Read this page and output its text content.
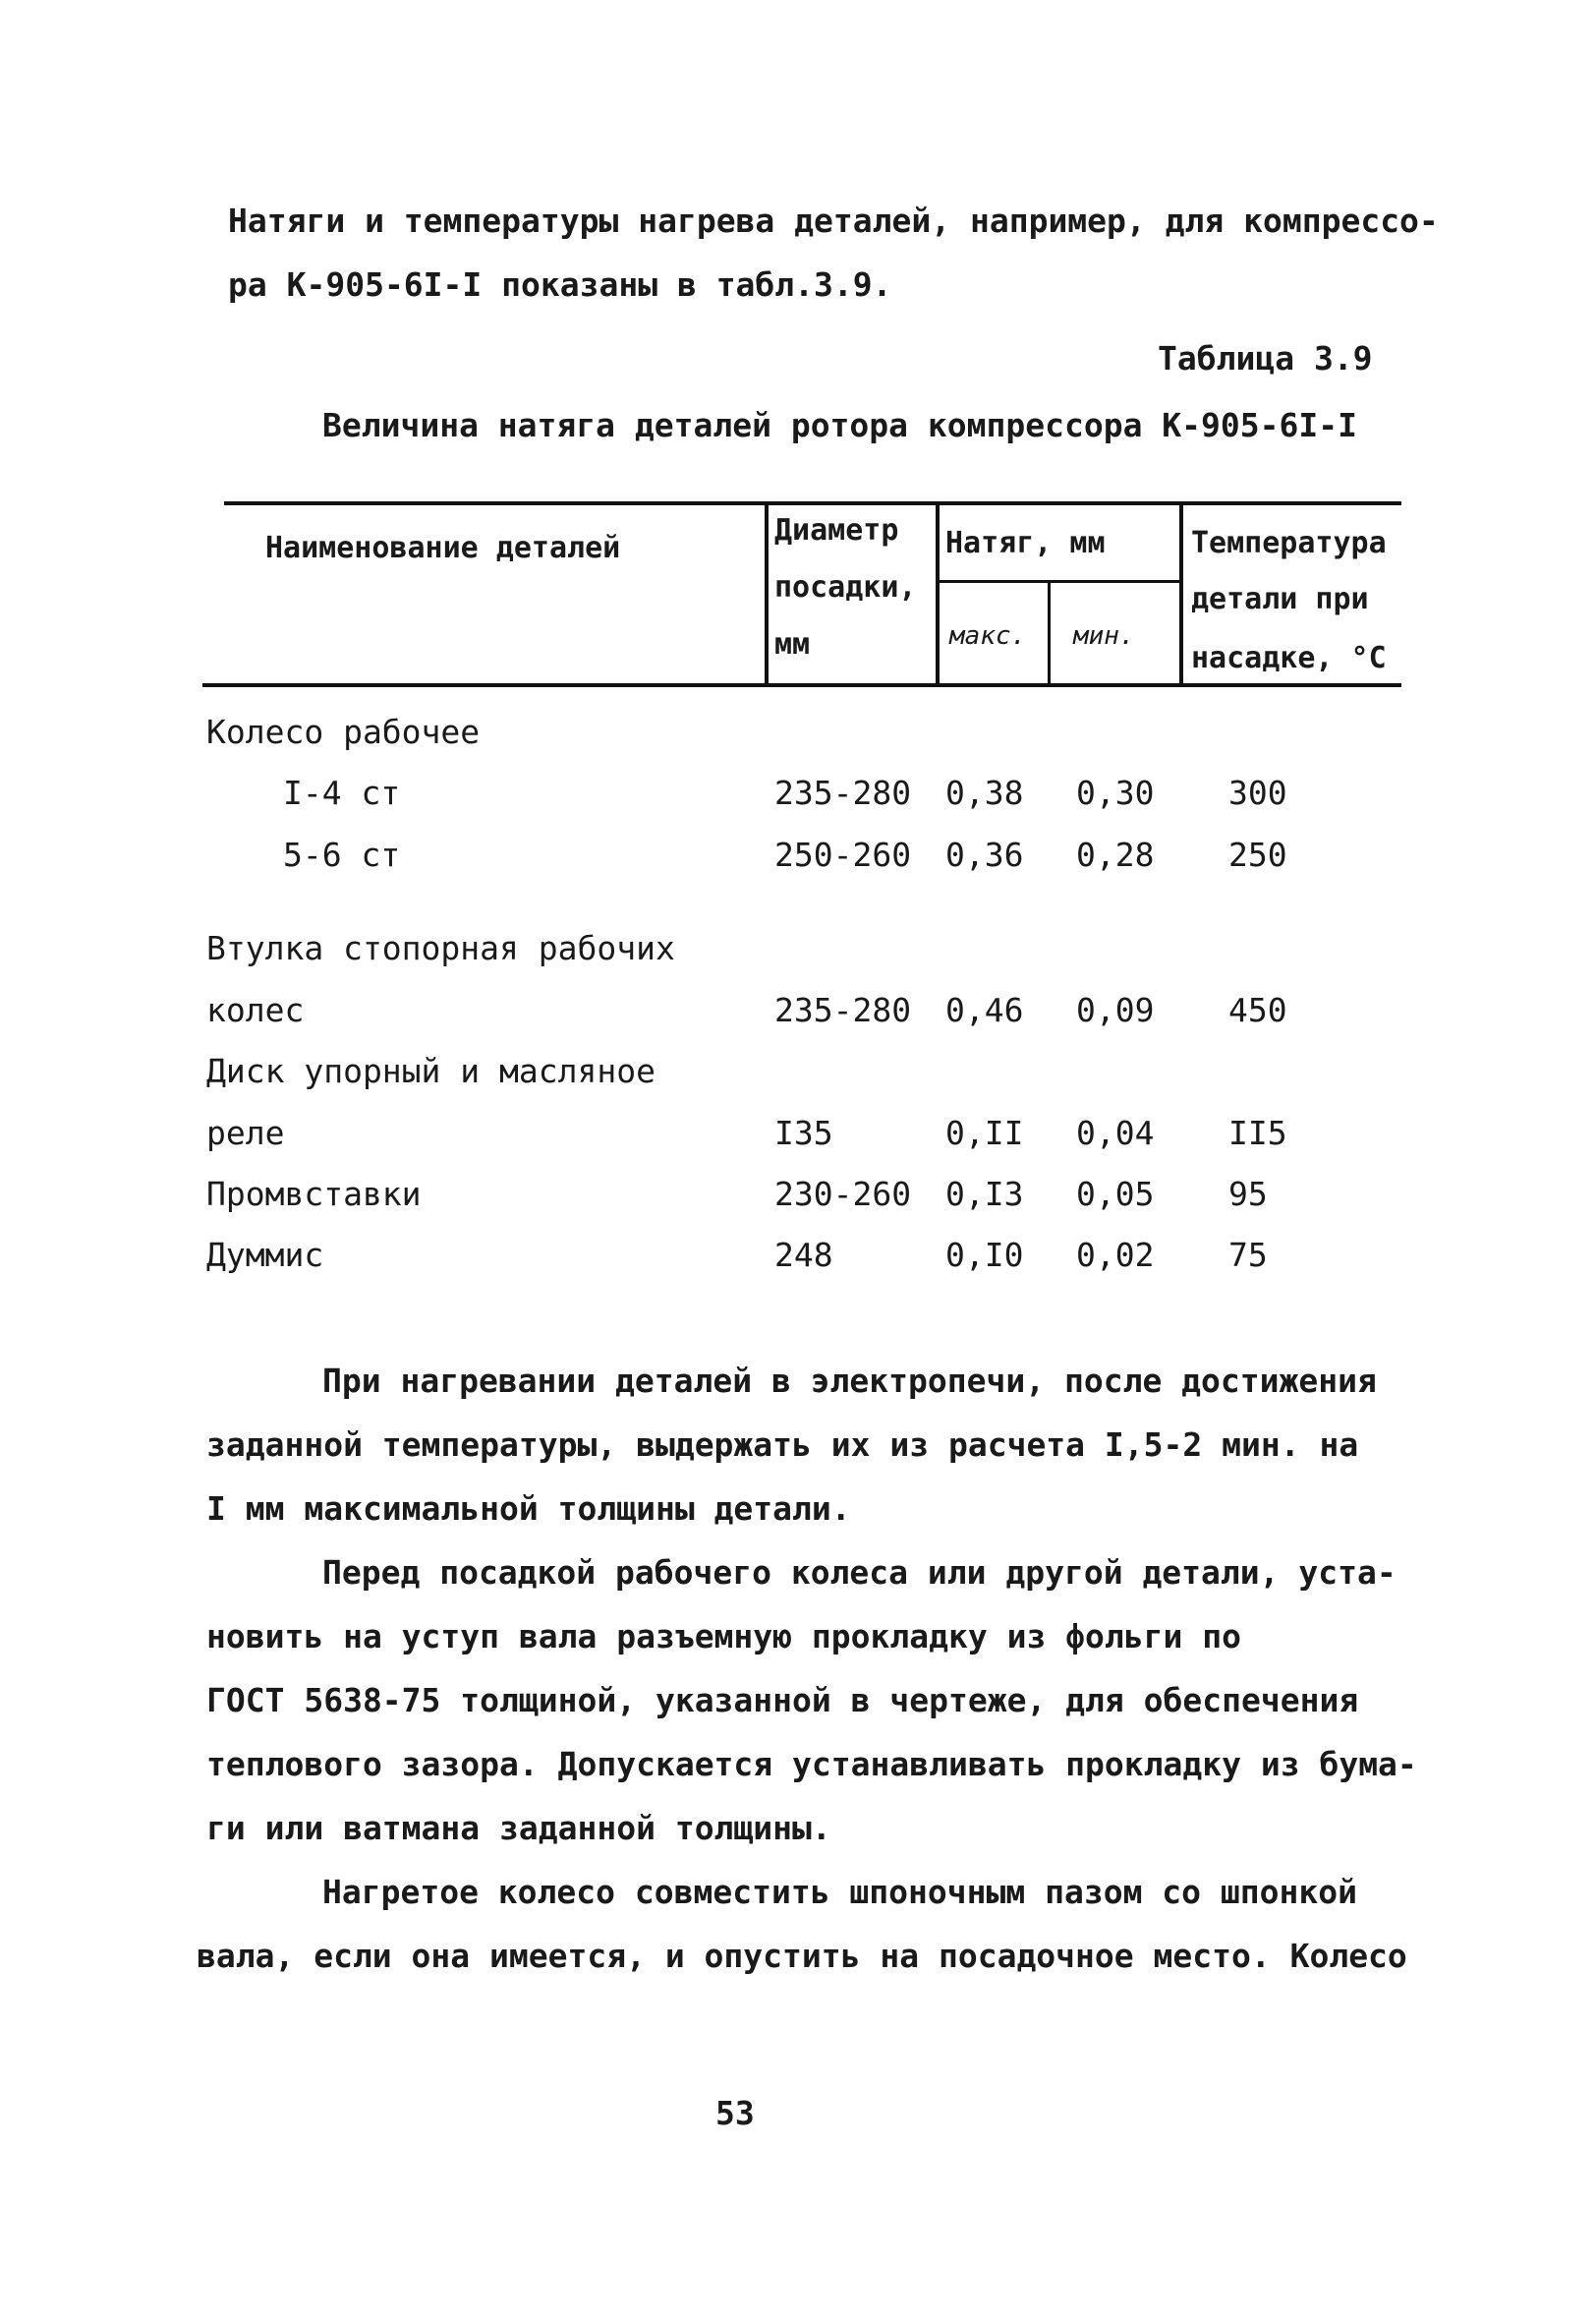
Натяги и температуры нагрева деталей, например, для компрессо-
ра К-905-6I-I показаны в табл.3.9.
Таблица 3.9
Величина натяга деталей ротора компрессора К-905-6I-I
Наименование деталей
Диаметр
посадки,
мм
Натяг, мм
макс. мин.
Температура
детали при
насадке, °С
Колесо рабочее
I-4 ст	235-280 0,38 0,30 300
5-6 ст	250-260 0,36 0,28 250
Втулка стопорная рабочих
колес	235-280 0,46 0,09 450
Диск упорный и масляное
реле	I35	0,II 0,04 II5
Промвставки	230-260 0,I3 0,05 95
Думмис	248	0,I0 0,02 75
При нагревании деталей в электропечи, после достижения
заданной температуры, выдержать их из расчета I,5-2 мин. на
I мм максимальной толщины детали.
Перед посадкой рабочего колеса или другой детали, уста-
новить на уступ вала разъемную прокладку из фольги по
ГОСТ 5638-75 толщиной, указанной в чертеже, для обеспечения
теплового зазора. Допускается устанавливать прокладку из бума-
ги или ватмана заданной толщины.
Нагретое колесо совместить шпоночным пазом со шпонкой
вала, если она имеется, и опустить на посадочное место. Колесо
53
